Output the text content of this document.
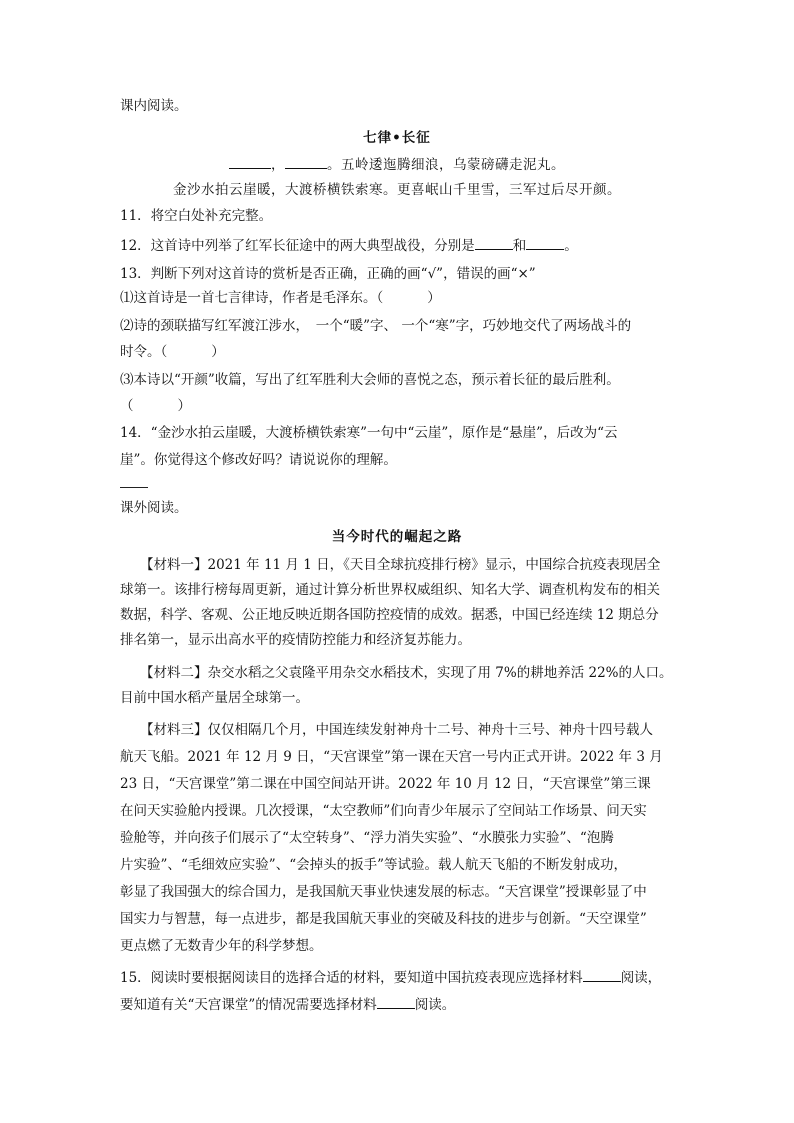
课内阅读。
七律•长征
，	。五岭逶迤腾细浪，乌蒙磅礴走泥丸。
金沙水拍云崖暖，大渡桥横铁索寒。更喜岷山千里雪，三军过后尽开颜。
11．将空白处补充完整。
12．这首诗中列举了红军长征途中的两大典型战役，分别是	和	。
13．判断下列对这首诗的赏析是否正确，正确的画“√”，错误的画“×”
⑴这首诗是一首七言律诗，作者是毛泽东。（	）
⑵诗的颈联描写红军渡江涉水，　一个“暖”字、 一个“寒”字，巧妙地交代了两场战斗的
时令。（	）
⑶本诗以“开颜”收篇，写出了红军胜利大会师的喜悦之态，预示着长征的最后胜利。
（	）
14．“金沙水拍云崖暖，大渡桥横铁索寒”一句中“云崖”，原作是“悬崖”，后改为“云
崖”。你觉得这个修改好吗？请说说你的理解。
课外阅读。
当今时代的崛起之路
【材料一】2021 年 11 月 1 日，《天目全球抗疫排行榜》显示，中国综合抗疫表现居全
球第一。该排行榜每周更新，通过计算分析世界权威组织、知名大学、调查机构发布的相关
数据，科学、客观、公正地反映近期各国防控疫情的成效。据悉，中国已经连续 12 期总分
排名第一，显示出高水平的疫情防控能力和经济复苏能力。
【材料二】杂交水稻之父袁隆平用杂交水稻技术，实现了用 7%的耕地养活 22%的人口。
目前中国水稻产量居全球第一。
【材料三】仅仅相隔几个月，中国连续发射神舟十二号、神舟十三号、神舟十四号载人
航天飞船。2021 年 12 月 9 日，“天宫课堂”第一课在天宫一号内正式开讲。2022 年 3 月
23 日，“天宫课堂”第二课在中国空间站开讲。2022 年 10 月 12 日，“天宫课堂”第三课
在问天实验舱内授课。几次授课，“太空教师”们向青少年展示了空间站工作场景、问天实
验舱等，并向孩子们展示了“太空转身”、“浮力消失实验”、“水膜张力实验”、“泡腾
片实验”、“毛细效应实验”、“会掉头的扳手”等试验。载人航天飞船的不断发射成功，
彰显了我国强大的综合国力，是我国航天事业快速发展的标志。“天宫课堂”授课彰显了中
国实力与智慧，每一点进步，都是我国航天事业的突破及科技的进步与创新。“天空课堂”
更点燃了无数青少年的科学梦想。
15．阅读时要根据阅读目的选择合适的材料，要知道中国抗疫表现应选择材料	阅读，
要知道有关“天宫课堂”的情况需要选择材料	阅读。
